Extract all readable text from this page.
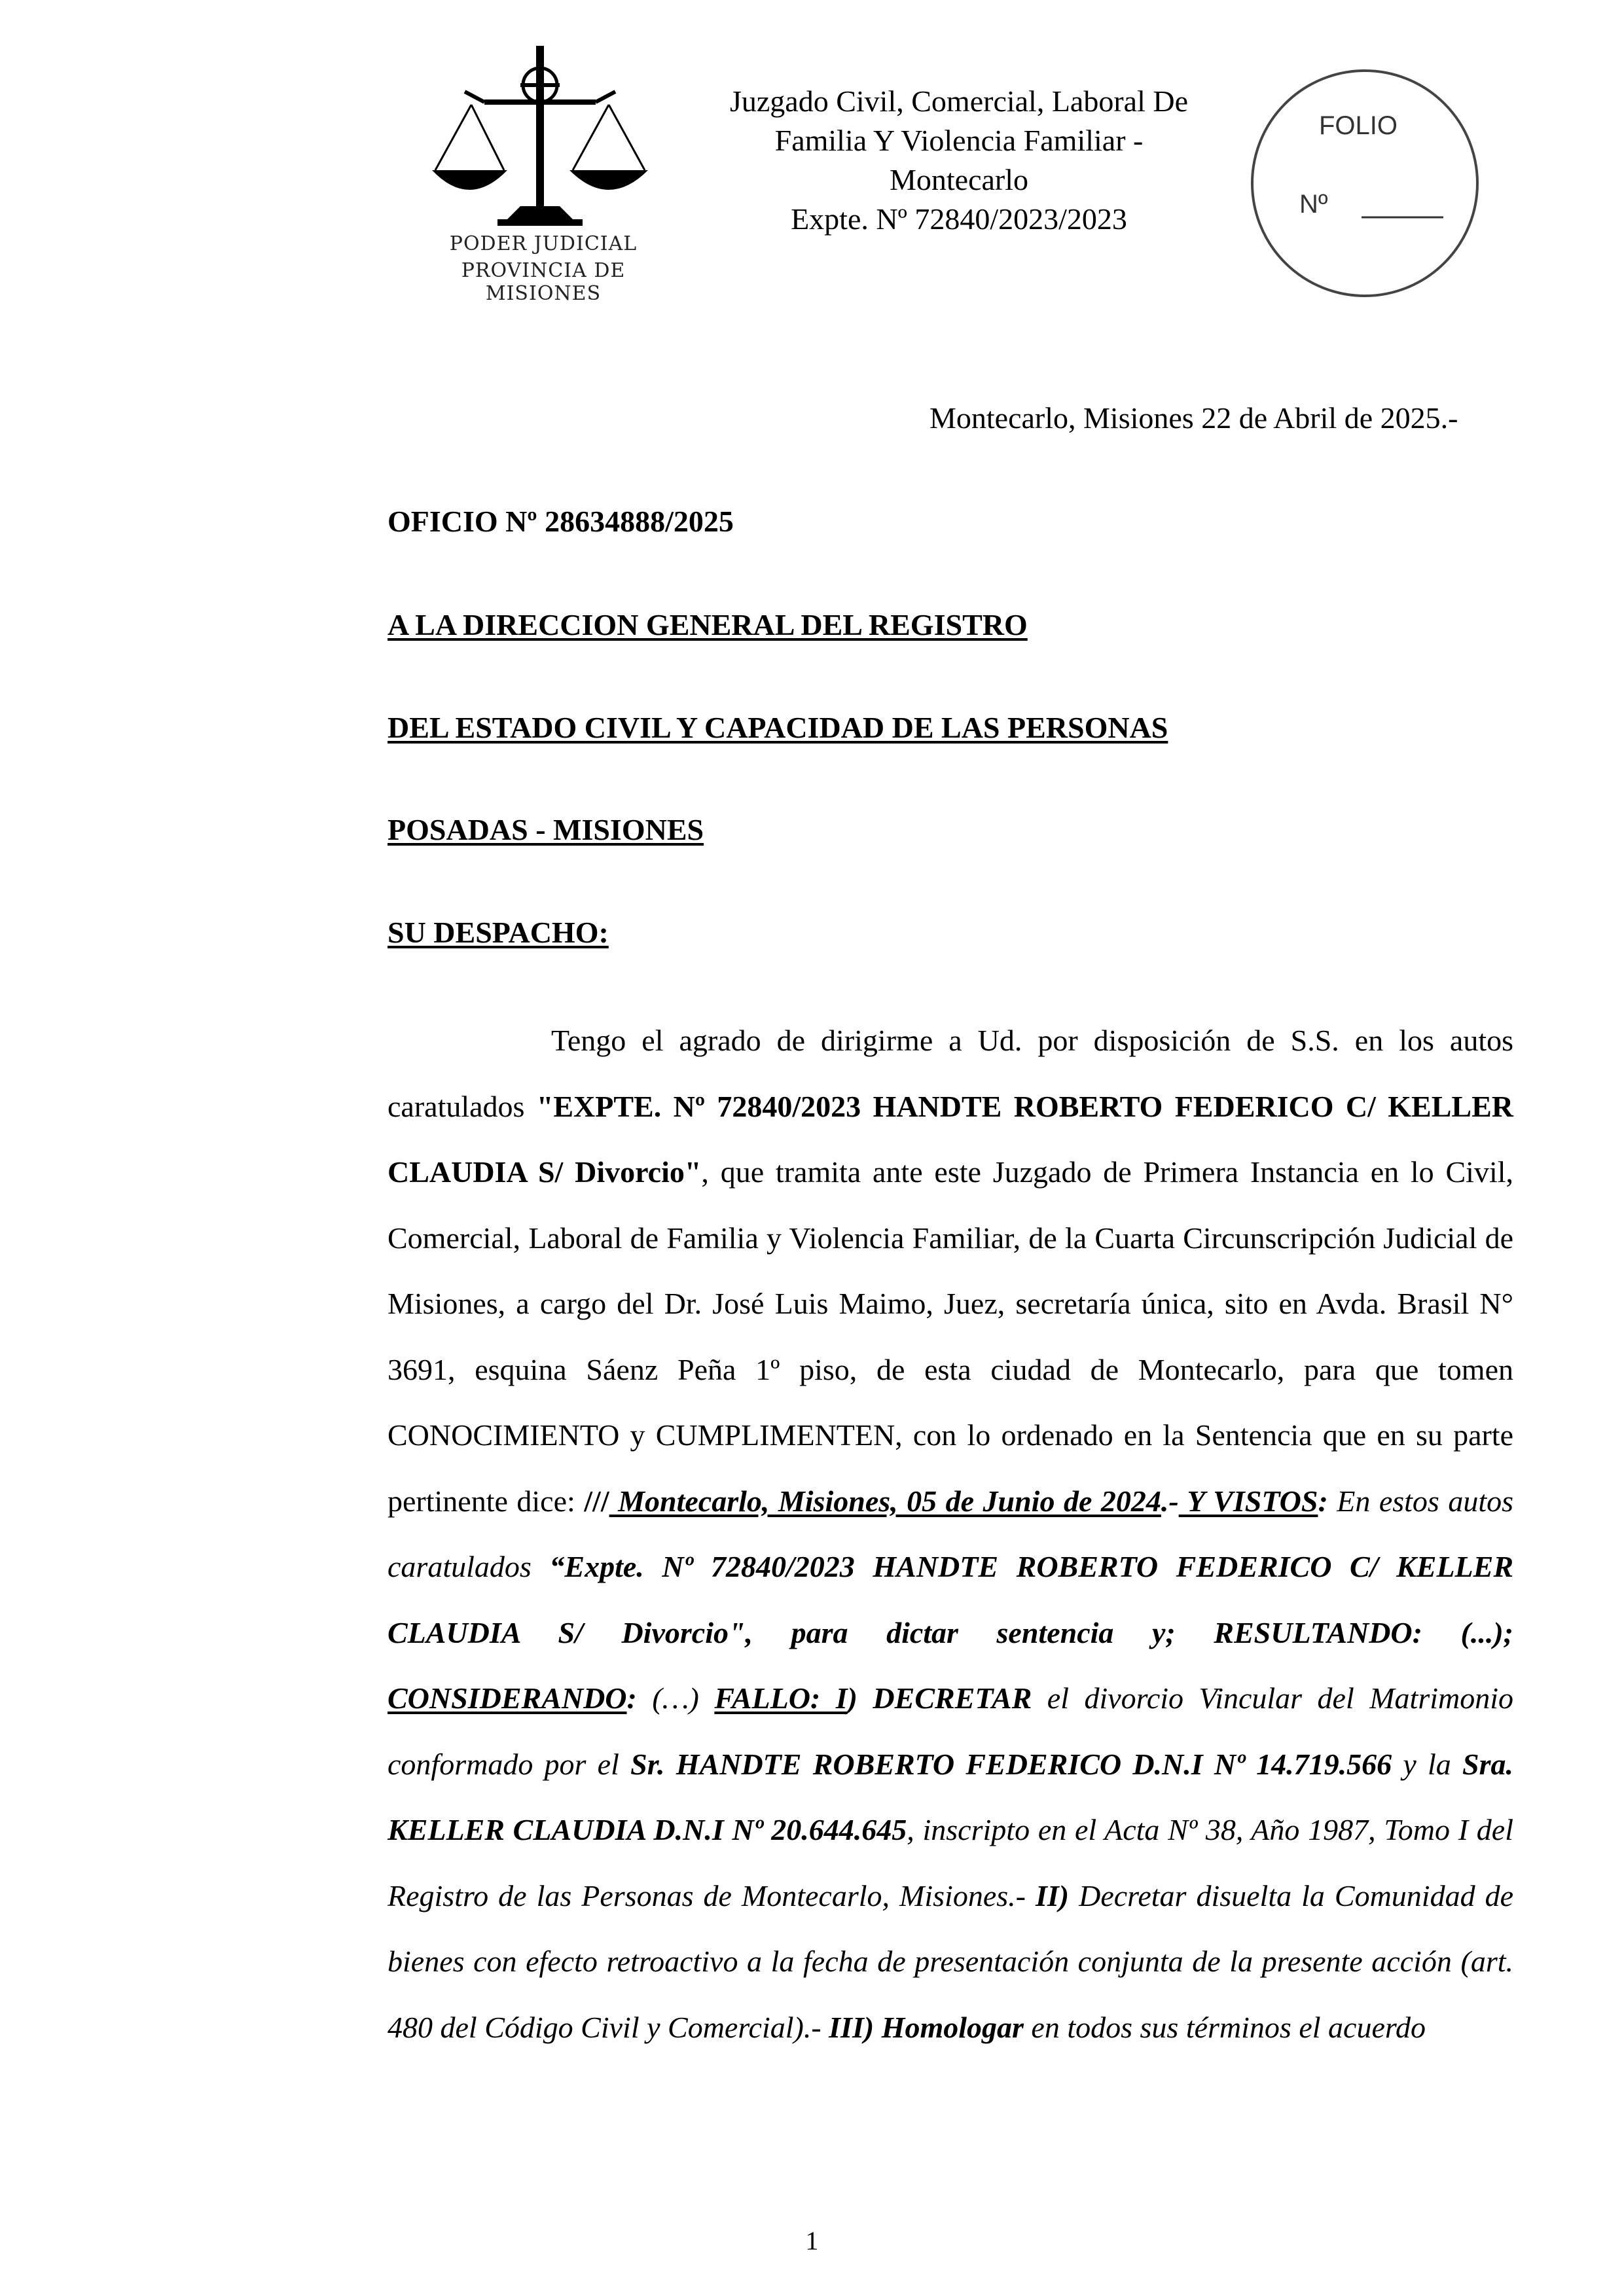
PODER JUDICIAL
PROVINCIA DE MISIONES
Juzgado Civil, Comercial, Laboral De
Familia Y Violencia Familiar -
Montecarlo
Expte. Nº 72840/2023/2023
FOLIO
Nº
Montecarlo, Misiones 22 de Abril de 2025.-
OFICIO Nº 28634888/2025
A LA DIRECCION GENERAL DEL REGISTRO
DEL ESTADO CIVIL Y CAPACIDAD DE LAS PERSONAS
POSADAS - MISIONES
SU DESPACHO:

Tengo el agrado de dirigirme a Ud. por disposición de S.S. en los autos caratulados "EXPTE. Nº 72840/2023 HANDTE ROBERTO FEDERICO C/ KELLER CLAUDIA S/ Divorcio", que tramita ante este Juzgado de Primera Instancia en lo Civil, Comercial, Laboral de Familia y Violencia Familiar, de la Cuarta Circunscripción Judicial de Misiones, a cargo del Dr. José Luis Maimo, Juez, secretaría única, sito en Avda. Brasil N° 3691, esquina Sáenz Peña 1º piso, de esta ciudad de Montecarlo, para que tomen CONOCIMIENTO y CUMPLIMENTEN, con lo ordenado en la Sentencia que en su parte pertinente dice: /// Montecarlo, Misiones, 05 de Junio de 2024.- Y VISTOS: En estos autos caratulados “Expte. Nº 72840/2023 HANDTE ROBERTO FEDERICO C/ KELLER CLAUDIA S/ Divorcio", para dictar sentencia y; RESULTANDO: (...); CONSIDERANDO: (…) FALLO: I) DECRETAR el divorcio Vincular del Matrimonio conformado por el Sr. HANDTE ROBERTO FEDERICO D.N.I Nº 14.719.566 y la Sra. KELLER CLAUDIA D.N.I Nº 20.644.645, inscripto en el Acta Nº 38, Año 1987, Tomo I del Registro de las Personas de Montecarlo, Misiones.- II) Decretar disuelta la Comunidad de bienes con efecto retroactivo a la fecha de presentación conjunta de la presente acción (art. 480 del Código Civil y Comercial).- III) Homologar en todos sus términos el acuerdo

1
